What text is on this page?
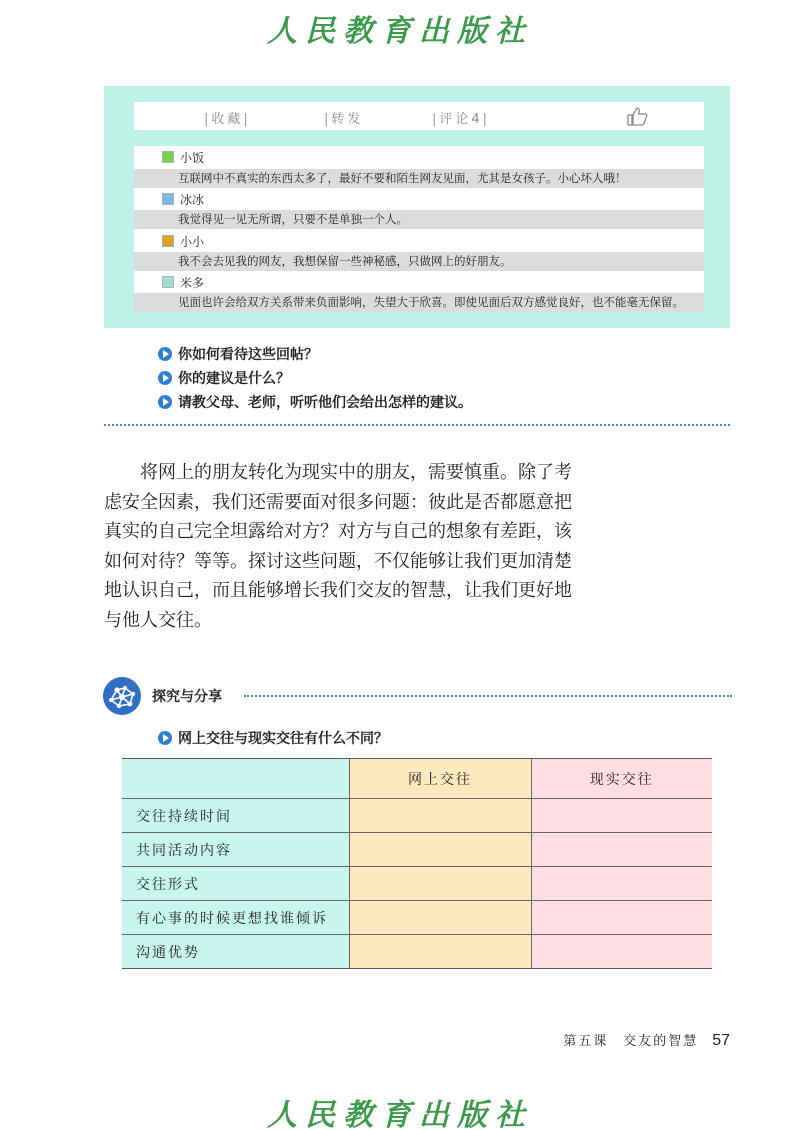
人民教育出版社
|收藏|	|转发	|评论4|
小饭
互联网中不真实的东西太多了，最好不要和陌生网友见面，尤其是女孩子。小心坏人哦！
冰冰
我觉得见一见无所谓，只要不是单独一个人。
小小
我不会去见我的网友，我想保留一些神秘感，只做网上的好朋友。
米多
见面也许会给双方关系带来负面影响，失望大于欣喜。即使见面后双方感觉良好，也不能毫无保留。
你如何看待这些回帖？
你的建议是什么？
请教父母、老师，听听他们会给出怎样的建议。
将网上的朋友转化为现实中的朋友，需要慎重。除了考虑安全因素，我们还需要面对很多问题：彼此是否都愿意把真实的自己完全坦露给对方？对方与自己的想象有差距，该如何对待？等等。探讨这些问题，不仅能够让我们更加清楚地认识自己，而且能够增长我们交友的智慧，让我们更好地与他人交往。
探究与分享
网上交往与现实交往有什么不同？
	网上交往	现实交往
交往持续时间		
共同活动内容		
交往形式		
有心事的时候更想找谁倾诉		
沟通优势		
第五课　交友的智慧 57
人民教育出版社
